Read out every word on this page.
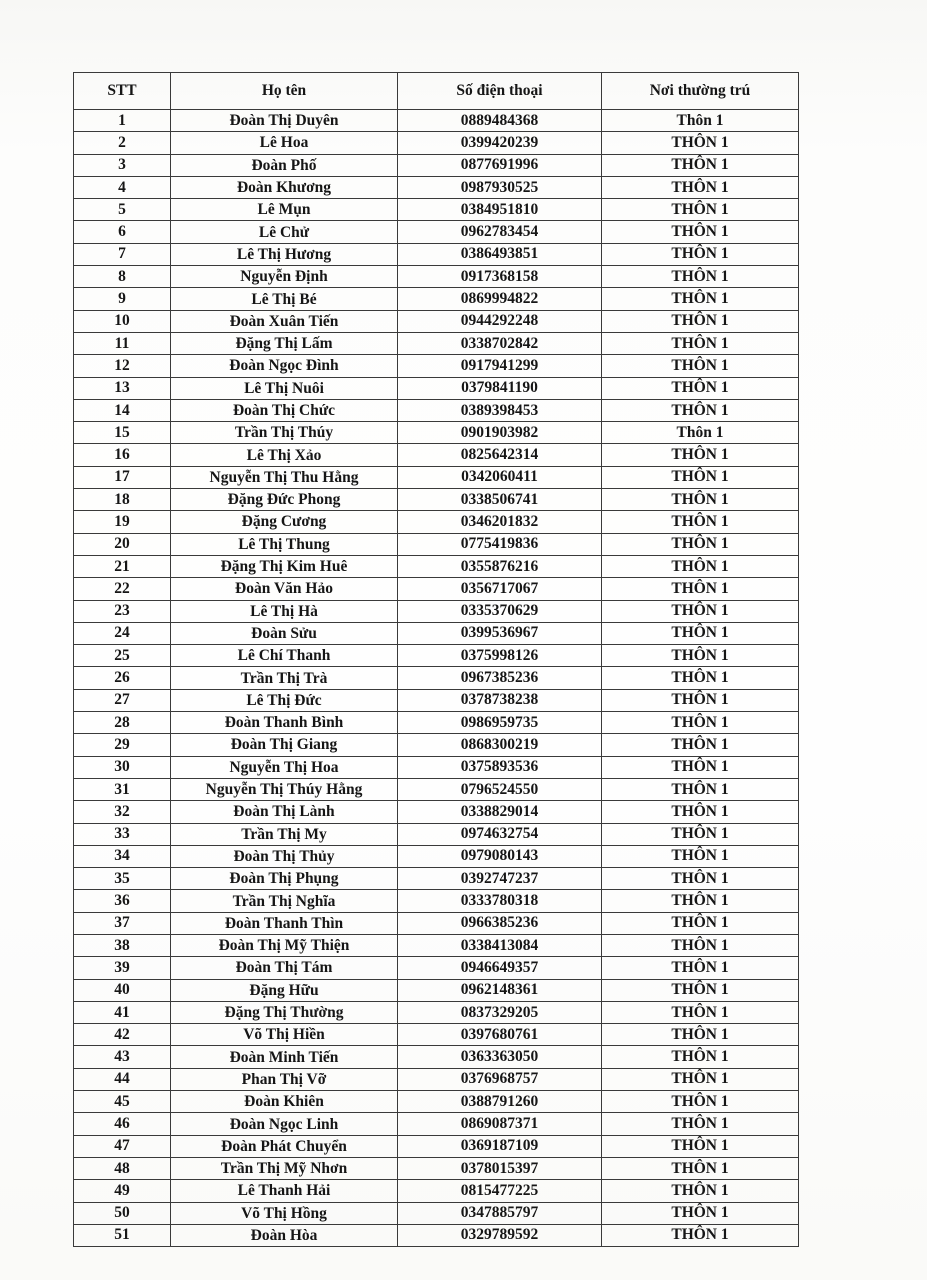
STT	Họ tên	Số điện thoại	Nơi thường trú
1	Đoàn Thị Duyên	0889484368	Thôn 1
2	Lê Hoa	0399420239	THÔN 1
3	Đoàn Phố	0877691996	THÔN 1
4	Đoàn Khương	0987930525	THÔN 1
5	Lê Mụn	0384951810	THÔN 1
6	Lê Chử	0962783454	THÔN 1
7	Lê Thị Hương	0386493851	THÔN 1
8	Nguyễn Định	0917368158	THÔN 1
9	Lê Thị Bé	0869994822	THÔN 1
10	Đoàn Xuân Tiến	0944292248	THÔN 1
11	Đặng Thị Lấm	0338702842	THÔN 1
12	Đoàn Ngọc Đình	0917941299	THÔN 1
13	Lê Thị Nuôi	0379841190	THÔN 1
14	Đoàn Thị Chức	0389398453	THÔN 1
15	Trần Thị Thúy	0901903982	Thôn 1
16	Lê Thị Xảo	0825642314	THÔN 1
17	Nguyễn Thị Thu Hằng	0342060411	THÔN 1
18	Đặng Đức Phong	0338506741	THÔN 1
19	Đặng Cương	0346201832	THÔN 1
20	Lê Thị Thung	0775419836	THÔN 1
21	Đặng Thị Kim Huê	0355876216	THÔN 1
22	Đoàn Văn Hảo	0356717067	THÔN 1
23	Lê Thị Hà	0335370629	THÔN 1
24	Đoàn Sửu	0399536967	THÔN 1
25	Lê Chí Thanh	0375998126	THÔN 1
26	Trần Thị Trà	0967385236	THÔN 1
27	Lê Thị Đức	0378738238	THÔN 1
28	Đoàn Thanh Bình	0986959735	THÔN 1
29	Đoàn Thị Giang	0868300219	THÔN 1
30	Nguyễn Thị Hoa	0375893536	THÔN 1
31	Nguyễn Thị Thúy Hằng	0796524550	THÔN 1
32	Đoàn Thị Lành	0338829014	THÔN 1
33	Trần Thị My	0974632754	THÔN 1
34	Đoàn Thị Thủy	0979080143	THÔN 1
35	Đoàn Thị Phụng	0392747237	THÔN 1
36	Trần Thị Nghĩa	0333780318	THÔN 1
37	Đoàn Thanh Thìn	0966385236	THÔN 1
38	Đoàn Thị Mỹ Thiện	0338413084	THÔN 1
39	Đoàn Thị Tám	0946649357	THÔN 1
40	Đặng Hữu	0962148361	THÔN 1
41	Đặng Thị Thường	0837329205	THÔN 1
42	Võ Thị Hiền	0397680761	THÔN 1
43	Đoàn Minh Tiến	0363363050	THÔN 1
44	Phan Thị Vỡ	0376968757	THÔN 1
45	Đoàn Khiên	0388791260	THÔN 1
46	Đoàn Ngọc Linh	0869087371	THÔN 1
47	Đoàn Phát Chuyển	0369187109	THÔN 1
48	Trần Thị Mỹ Nhơn	0378015397	THÔN 1
49	Lê Thanh Hải	0815477225	THÔN 1
50	Võ Thị Hồng	0347885797	THÔN 1
51	Đoàn Hòa	0329789592	THÔN 1
